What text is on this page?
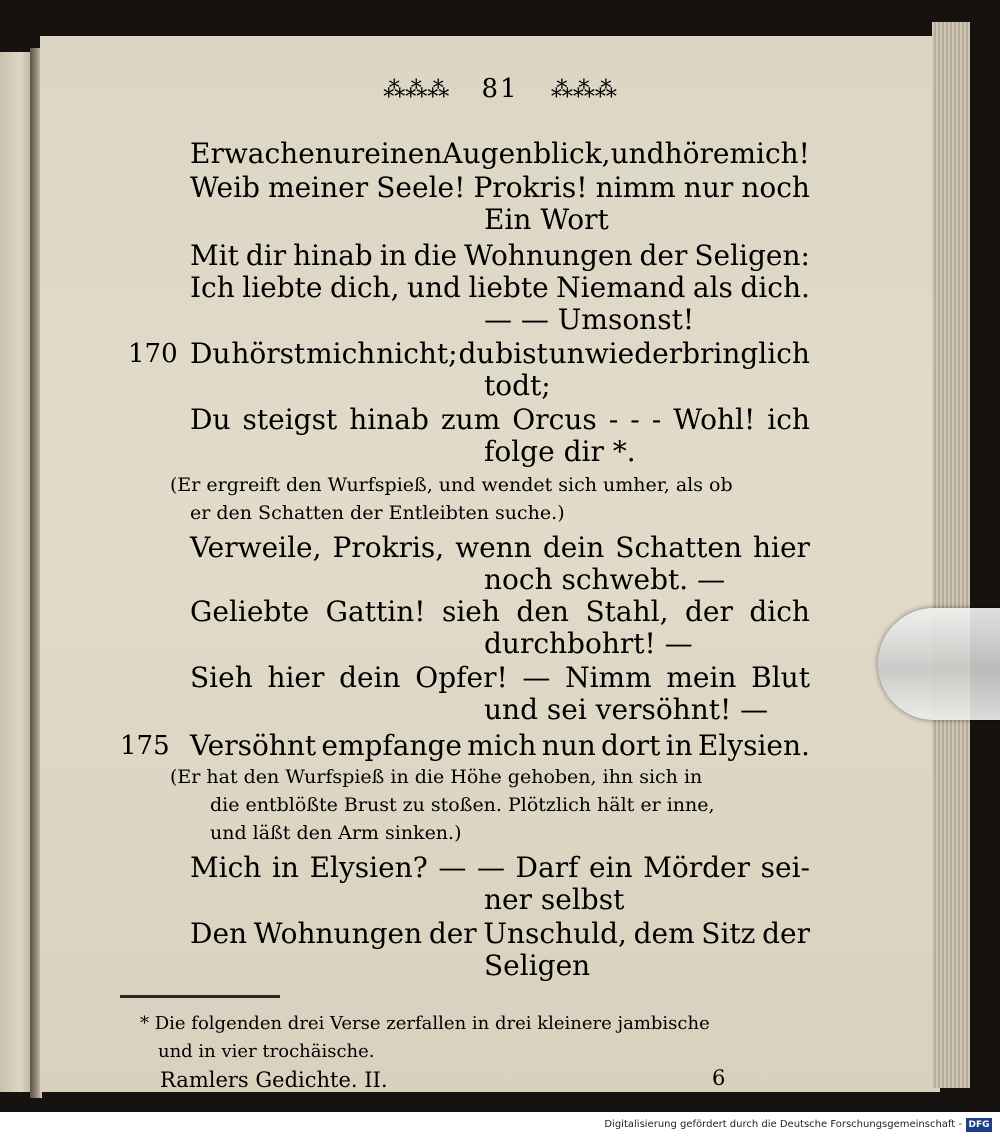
⁂⁂⁂ 81 ⁂⁂⁂
Erwache nur einen Augenblick, und höre mich!
Weib meiner Seele! Prokris! nimm nur noch
Ein Wort
Mit dir hinab in die Wohnungen der Seligen:
Ich liebte dich, und liebte Niemand als dich.
— — Umsonst!
170 Du hörst mich nicht; du bist unwiederbringlich
todt;
Du steigst hinab zum Orcus - - - Wohl! ich
folge dir *.
(Er ergreift den Wurfspieß, und wendet sich umher, als ob
er den Schatten der Entleibten suche.)
Verweile, Prokris, wenn dein Schatten hier
noch schwebt. —
Geliebte Gattin! sieh den Stahl, der dich
durchbohrt! —
Sieh hier dein Opfer! — Nimm mein Blut
und sei versöhnt! —
175 Versöhnt empfange mich nun dort in Elysien.
(Er hat den Wurfspieß in die Höhe gehoben, ihn sich in
die entblößte Brust zu stoßen. Plötzlich hält er inne,
und läßt den Arm sinken.)
Mich in Elysien? — — Darf ein Mörder sei-
ner selbst
Den Wohnungen der Unschuld, dem Sitz der
Seligen
* Die folgenden drei Verse zerfallen in drei kleinere jambische
und in vier trochäische.
Ramlers Gedichte. II.	6
Digitalisierung gefördert durch die Deutsche Forschungsgemeinschaft - DFG
